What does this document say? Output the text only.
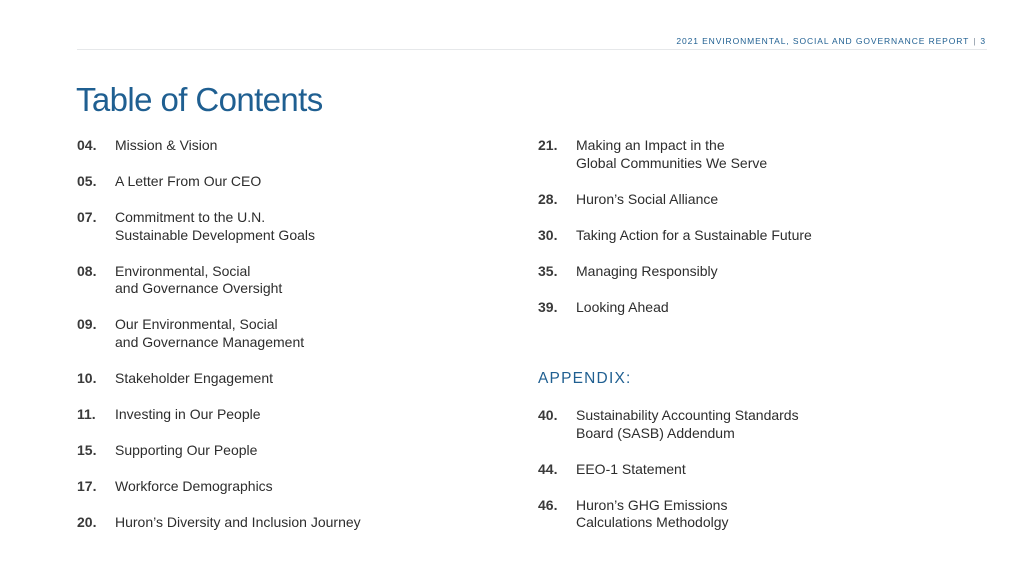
2021 ENVIRONMENTAL, SOCIAL AND GOVERNANCE REPORT | 3
Table of Contents
04.	Mission & Vision
05.	A Letter From Our CEO
07.	Commitment to the U.N.
Sustainable Development Goals
08.	Environmental, Social
and Governance Oversight
09.	Our Environmental, Social
and Governance Management
10.	Stakeholder Engagement
11.	Investing in Our People
15.	Supporting Our People
17.	Workforce Demographics
20.	Huron’s Diversity and Inclusion Journey
21.	Making an Impact in the
Global Communities We Serve
28.	Huron’s Social Alliance
30.	Taking Action for a Sustainable Future
35.	Managing Responsibly
39.	Looking Ahead
APPENDIX:
40.	Sustainability Accounting Standards
Board (SASB) Addendum
44.	EEO-1 Statement
46.	Huron’s GHG Emissions
Calculations Methodolgy
